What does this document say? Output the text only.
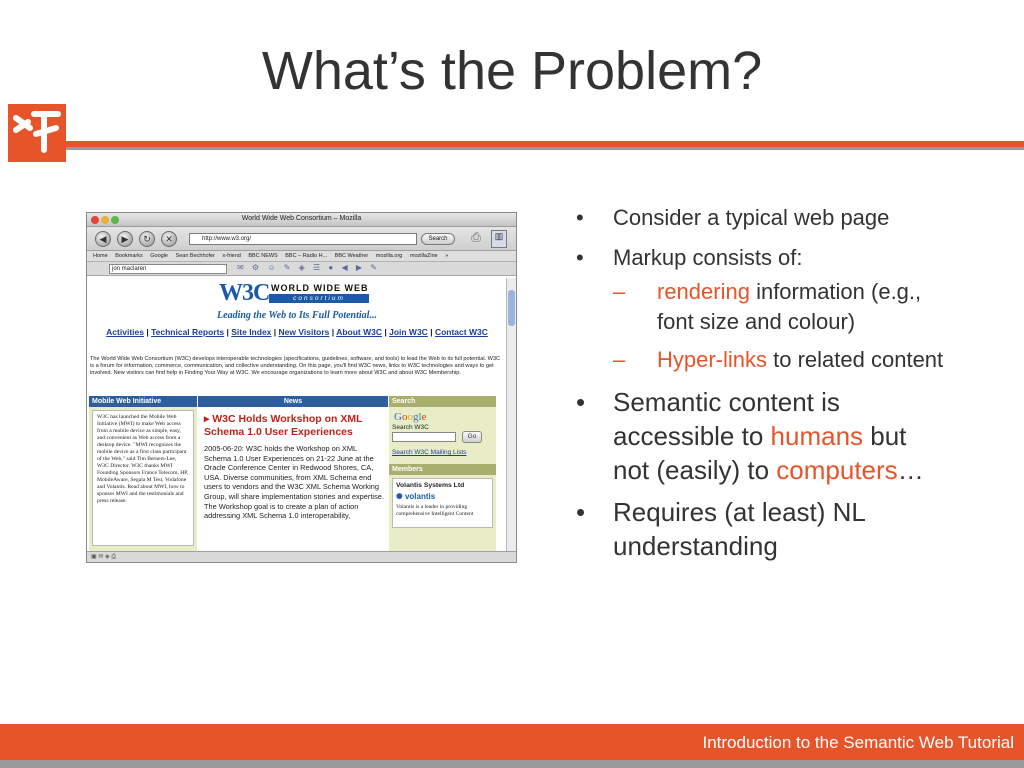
What’s the Problem?
World Wide Web Consortium – Mozilla
◀	▶	↻	✕	http://www.w3.org/	Search	⎙	▥
Home Bookmarks Google Sean Bechhofer x-friend BBC NEWS BBC – Radio H... BBC Weather mozilla.org mozillaZine »
jon maclaren	✉ ⚙ ☺ ✎ ◈ ☰ ● ◀ ▶ ✎
W3C WORLD WIDE WEB
consortium
Leading the Web to Its Full Potential...
Activities | Technical Reports | Site Index | New Visitors | About W3C | Join W3C | Contact W3C
The World Wide Web Consortium (W3C) develops interoperable technologies (specifications, guidelines, software, and tools) to lead the Web to its full potential. W3C is a forum for information, commerce, communication, and collective understanding. On this page, you'll find W3C news, links to W3C technologies and ways to get involved. New visitors can find help in Finding Your Way at W3C. We encourage organizations to learn more about W3C and about W3C Membership.
Mobile Web Initiative
W3C has launched the Mobile Web Initiative (MWI) to make Web access from a mobile device as simple, easy, and convenient as Web access from a desktop device. "MWI recognizes the mobile device as a first class participant of the Web," said Tim Berners-Lee, W3C Director. W3C thanks MWI Founding Sponsors France Telecom, HP, MobileAware, Segala M Test, Vodafone and Volantis. Read about MWI, how to sponsor MWI and the testimonials and press release.
News
▸ W3C Holds Workshop on XML Schema 1.0 User Experiences
2005-06-20: W3C holds the Workshop on XML Schema 1.0 User Experiences on 21-22 June at the Oracle Conference Center in Redwood Shores, CA, USA. Diverse communities, from XML Schema end users to vendors and the W3C XML Schema Working Group, will share implementation stories and expertise. The Workshop goal is to create a plan of action addressing XML Schema 1.0 interoperability,
Search
Google
Search W3C
Go
Search W3C Mailing Lists
Members
Volantis Systems Ltd
✺ volantis
Volantis is a leader in providing comprehensive Intelligent Content
▣ ✉ ◈ ⎙
• Consider a typical web page
• Markup consists of:
– rendering information (e.g., font size and colour)
– Hyper-links to related content
• Semantic content is accessible to humans but not (easily) to computers…
• Requires (at least) NL understanding
Introduction to the Semantic Web Tutorial
